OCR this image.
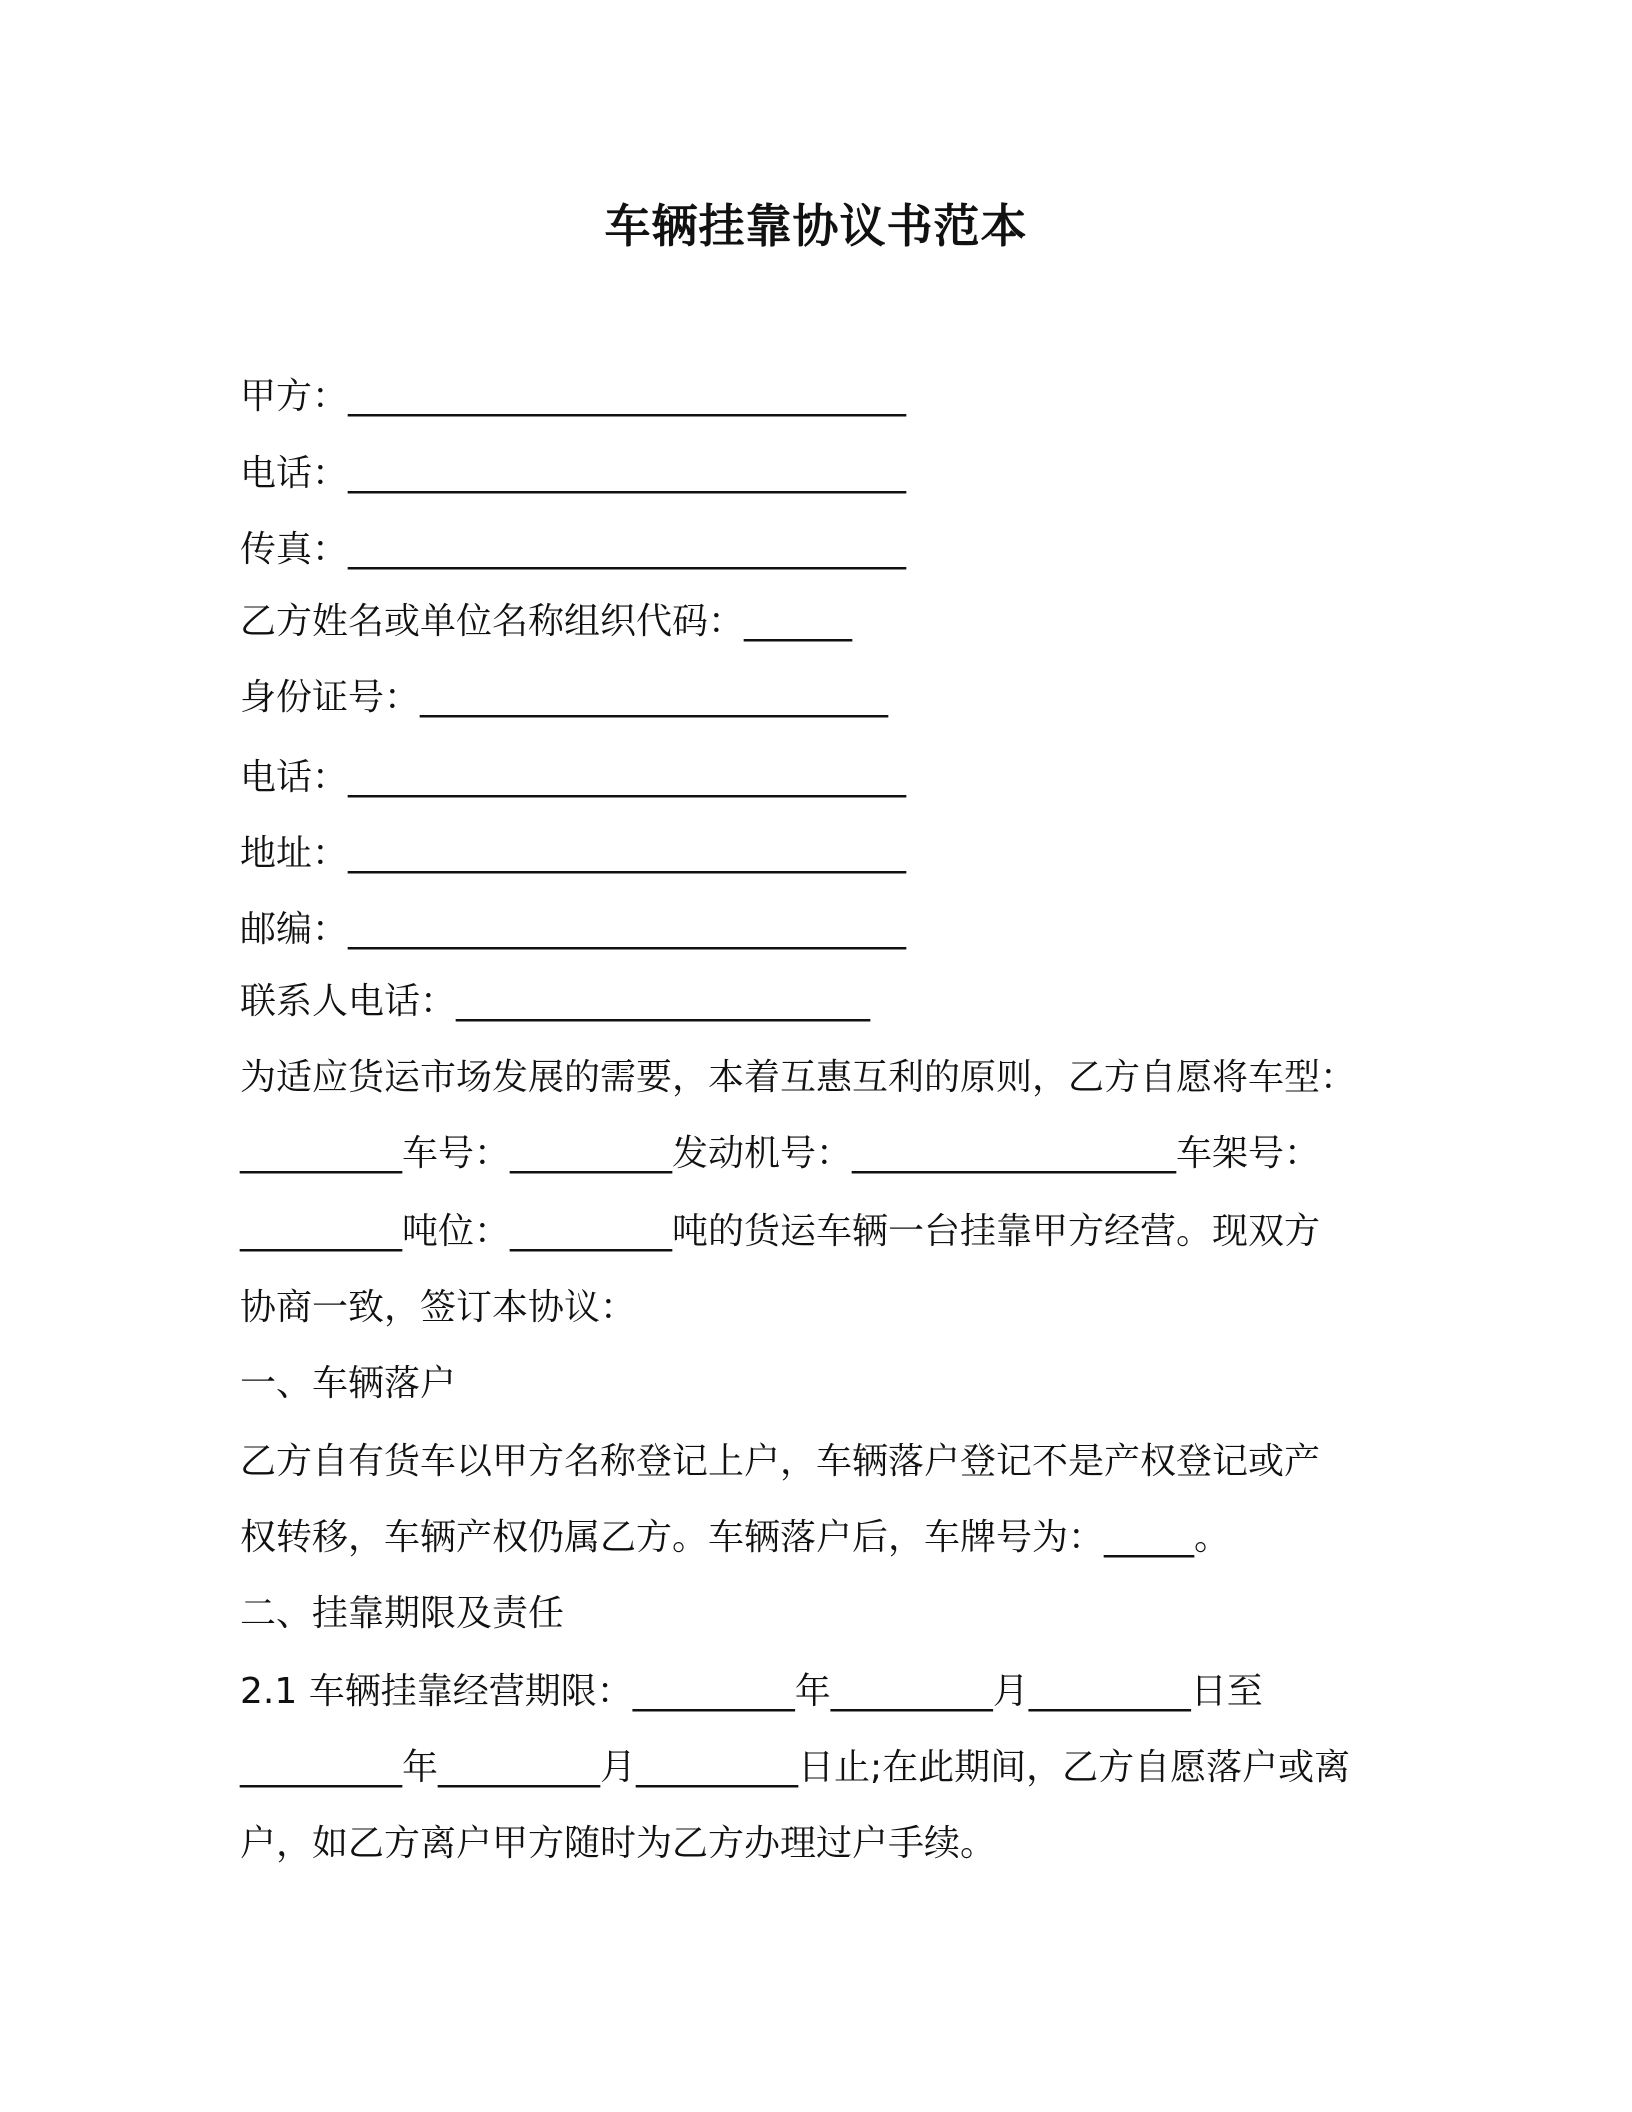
车辆挂靠协议书范本
甲方：_______________________________
电话：_______________________________
传真：_______________________________
乙方姓名或单位名称组织代码：______
身份证号：__________________________
电话：_______________________________
地址：_______________________________
邮编：_______________________________
联系人电话：_______________________
为适应货运市场发展的需要，本着互惠互利的原则，乙方自愿将车型：
_________车号：_________发动机号：__________________车架号：
_________吨位：_________吨的货运车辆一台挂靠甲方经营。现双方
协商一致，签订本协议：
一、车辆落户
乙方自有货车以甲方名称登记上户，车辆落户登记不是产权登记或产
权转移，车辆产权仍属乙方。车辆落户后，车牌号为：_____。
二、挂靠期限及责任
2.1 车辆挂靠经营期限：_________年_________月_________日至
_________年_________月_________日止;在此期间，乙方自愿落户或离
户，如乙方离户甲方随时为乙方办理过户手续。
